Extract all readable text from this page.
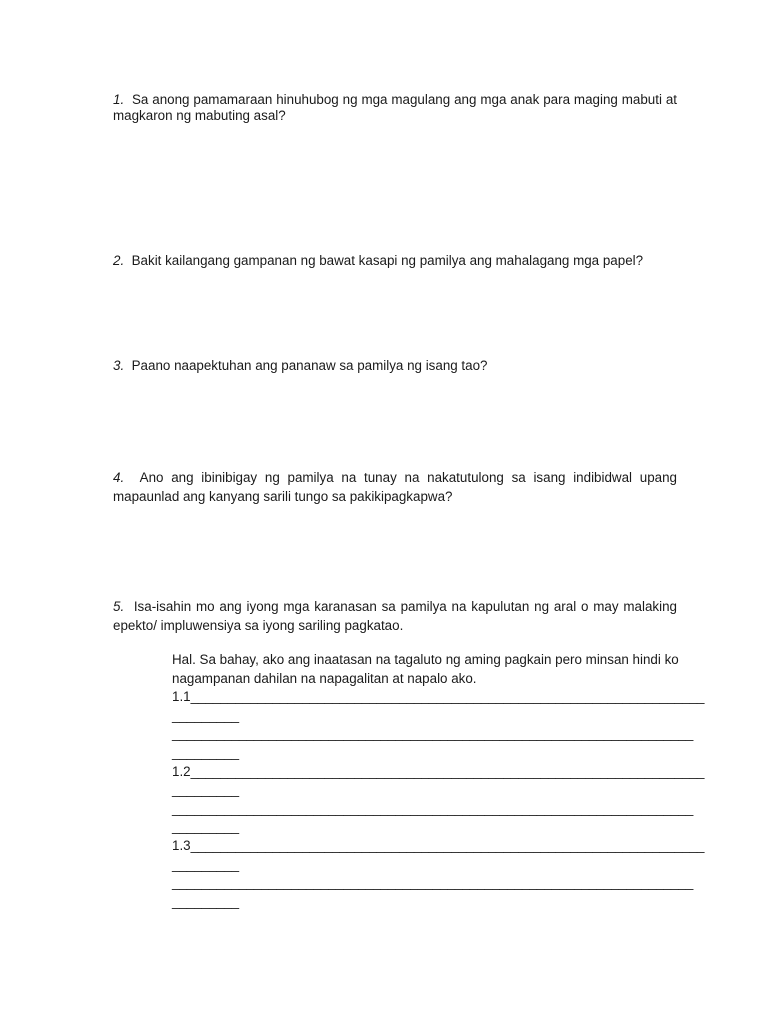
1. Sa anong pamamaraan hinuhubog ng mga magulang ang mga anak para maging mabuti at magkaron ng mabuting asal?

2. Bakit kailangang gampanan ng bawat kasapi ng pamilya ang mahalagang mga papel?

3. Paano naapektuhan ang pananaw sa pamilya ng isang tao?

4. Ano ang ibinibigay ng pamilya na tunay na nakatutulong sa isang indibidwal upang mapaunlad ang kanyang sarili tungo sa pakikipagkapwa?

5. Isa-isahin mo ang iyong mga karanasan sa pamilya na kapulutan ng aral o may malaking epekto/ impluwensiya sa iyong sariling pagkatao.

Hal. Sa bahay, ako ang inaatasan na tagaluto ng aming pagkain pero minsan hindi ko nagampanan dahilan na napagalitan at napalo ako.

1.1_____________________________________________________________________

_________

______________________________________________________________________

_________

1.2_____________________________________________________________________

_________

______________________________________________________________________

_________

1.3_____________________________________________________________________

_________

______________________________________________________________________

_________
